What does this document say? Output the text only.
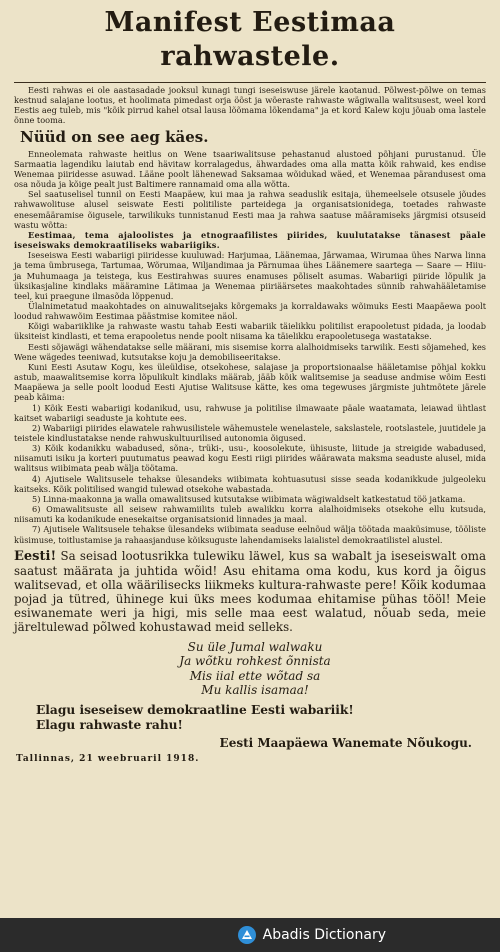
Manifest Eestimaa rahwastele.

Eesti rahwas ei ole aastasadade jooksul kunagi tungi iseseiswuse järele kaotanud. Põlwest-põlwe on temas kestnud salajane lootus, et hoolimata pimedast orja öõst ja wõeraste rahwaste wägiwalla walitsusest, weel kord Eestis aeg tuleb, mis "kõik pirrud kahel otsal lausa lõõmama lõkendama" ja et kord Kalew koju jõuab oma lastele õnne tooma.

Nüüd on see aeg käes.

Enneolemata rahwaste heitlus on Wene tsaariwalitsuse pehastanud alustoed põhjani purustanud. Üle Sarmaatia lagendiku laiutab end hävitaw korralagedus, ähwardades oma alla matta kõik rahwaid, kes endise Wenemaa piiridesse asuwad. Lääne poolt lähenewad Saksamaa wõidukad wäed, et Wenemaa pärandusest oma osa nõuda ja kõige pealt just Baltimere rannamaid oma alla wõtta.

Sel saatuselisel tunnil on Eesti Maapäew, kui maa ja rahwa seaduslik esitaja, ühemeelsele otsusele jõudes rahwawolituse alusel seiswate Eesti politiliste parteidega ja organisatsionidega, toetades rahwaste enesemääramise õigusele, tarwilikuks tunnistanud Eesti maa ja rahwa saatuse määramiseks järgmisi otsuseid wastu wõtta:

Eestimaa, tema ajaloolistes ja etnograafilistes piirides, kuulutatakse tänasest päale iseseiswaks demokraatiliseks wabariigiks.

Iseseiswa Eesti wabariigi piiridesse kuuluwad: Harjumaa, Läänemaa, Järwamaa, Wirumaa ühes Narwa linna ja tema ümbrusega, Tartumaa, Wõrumaa, Wiljandimaa ja Pärnumaa ühes Läänemere saartega — Saare — Hiiu- ja Muhumaaga ja teistega, kus Eestirahwas suures enamuses põliselt asumas. Wabariigi piiride lõpulik ja üksikasjaline kindlaks määramine Lätimaa ja Wenemaa piiriäärsetes maakohtades sünnib rahwahääletamise teel, kui praegune ilmasõda lõppenud.

Ülalnimetatud maakohtades on ainuwalitsejaks kõrgemaks ja korraldawaks wõimuks Eesti Maapäewa poolt loodud rahwawõim Eestimaa päästmise komitee näol.

Kõigi wabariiklike ja rahwaste wastu tahab Eesti wabariik täielikku politilist erapooletust pidada, ja loodab üksiteist kindlasti, et tema erapooletus nende poolt niisama ka täielikku erapooletusega wastatakse.

Eesti sõjawägi wähendatakse selle määrani, mis sisemise korra alalhoidmiseks tarwilik. Eesti sõjamehed, kes Wene wägedes teeniwad, kutsutakse koju ja demobiliseeritakse.

Kuni Eesti Asutaw Kogu, kes üleüldise, otsekohese, salajase ja proportsionaalse hääletamise põhjal kokku astub, maawalitsemise korra lõpulikult kindlaks määrab, jääb kõik walitsemise ja seaduse andmise wõim Eesti Maapäewa ja selle poolt loodud Eesti Ajutise Walitsuse kätte, kes oma tegewuses järgmiste juhtmõtete järele peab käima:

1) Kõik Eesti wabariigi kodanikud, usu, rahwuse ja politilise ilmawaate päale waatamata, leiawad ühtlast kaitset wabariigi seaduste ja kohtute ees.

2) Wabariigi piirides elawatele rahwusilistele wähemustele wenelastele, sakslastele, rootslastele, juutidele ja teistele kindlustatakse nende rahwuskultuurilised autonomia õigused.

3) Kõik kodanikku wabadused, sõna-, trüki-, usu-, koosolekute, ühisuste, liitude ja streigide wabadused, niisamuti isiku ja korteri puutumatus peawad kogu Eesti riigi piirides wäärawata maksma seaduste alusel, mida walitsus wiibimata peab wälja töötama.

4) Ajutisele Walitsusele tehakse ülesandeks wiibimata kohtuasutusi sisse seada kodanikkude julgeoleku kaitseks. Kõik politilised wangid tulewad otsekohe wabastada.

5) Linna-maakonna ja walla omawalitsused kutsutakse wiibimata wägiwaldselt katkestatud töö jatkama.

6) Omawalitsuste all seisew rahwamiilits tuleb awalikku korra alalhoidmiseks otsekohe ellu kutsuda, niisamuti ka kodanikude enesekaitse organisatsionid linnades ja maal.

7) Ajutisele Walitsusele tehakse ülesandeks wiibimata seaduse eelnõud wälja töötada maaküsimuse, tööliste küsimuse, toitlustamise ja rahaasjanduse kõiksuguste lahendamiseks laialistel demokraatilistel alustel.

Eesti! Sa seisad lootusrikka tulewiku läwel, kus sa wabalt ja iseseiswalt oma saatust määrata ja juhtida wõid! Asu ehitama oma kodu, kus kord ja õigus walitsevad, et olla wäärilisecks liikmeks kultura-rahwaste pere! Kõik kodumaa pojad ja tütred, ühinege kui üks mees kodumaa ehitamise pühas tööl! Meie esiwanemate weri ja higi, mis selle maa eest walatud, nõuab seda, meie järeltulewad põlwed kohustawad meid selleks.

Su üle Jumal walwaku
Ja wõtku rohkest õnnista
Mis iial ette wõtad sa
Mu kallis isamaa!
Elagu iseseisew demokraatline Eesti wabariik!
Elagu rahwaste rahu!
Eesti Maapäewa Wanemate Nõukogu.
Tallinnas, 21 weebruaril 1918.
Abadis Dictionary
